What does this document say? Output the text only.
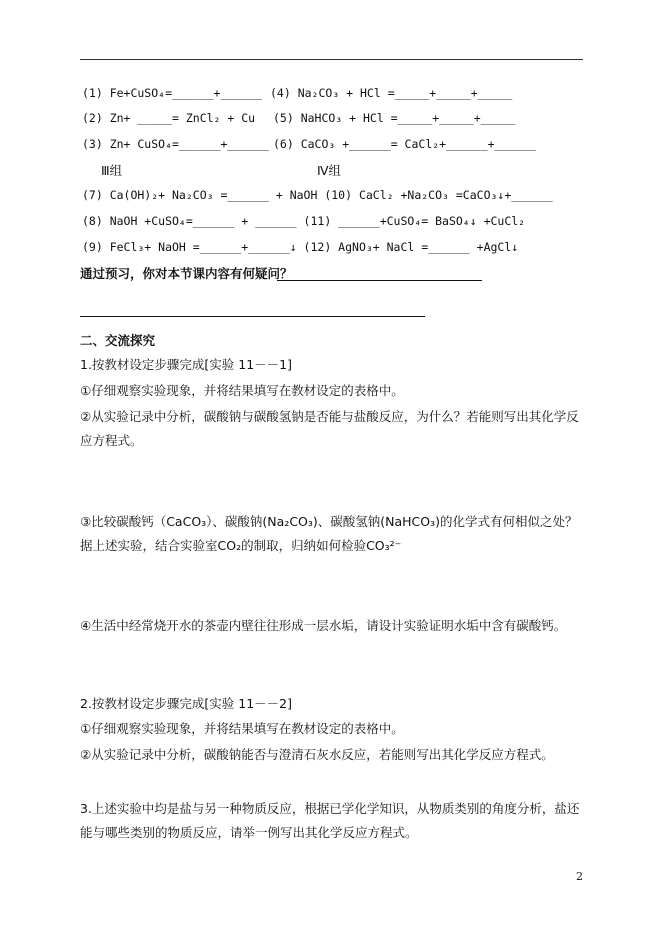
(1) Fe+CuSO₄=______+______ (4) Na₂CO₃ + HCl =_____+_____+_____
(2) Zn+ _____= ZnCl₂ + Cu (5) NaHCO₃ + HCl =_____+_____+_____
(3) Zn+ CuSO₄=______+______ (6) CaCO₃ +______= CaCl₂+______+______
Ⅲ组	Ⅳ组
(7) Ca(OH)₂+ Na₂CO₃ =______ + NaOH (10) CaCl₂ +Na₂CO₃ =CaCO₃↓+______
(8) NaOH +CuSO₄=______ + ______ (11) ______+CuSO₄= BaSO₄↓ +CuCl₂
(9) FeCl₃+ NaOH =______+______↓ (12) AgNO₃+ NaCl =______ +AgCl↓
通过预习，你对本节课内容有何疑问？
二、交流探究
1.按教材设定步骤完成[实验 11－－1]
①仔细观察实验现象，并将结果填写在教材设定的表格中。
②从实验记录中分析，碳酸钠与碳酸氢钠是否能与盐酸反应，为什么？若能则写出其化学反应方程式。
③比较碳酸钙（CaCO₃）、碳酸钠(Na₂CO₃)、碳酸氢钠(NaHCO₃)的化学式有何相似之处？据上述实验，结合实验室CO₂的制取，归纳如何检验CO₃²⁻
④生活中经常烧开水的茶壶内壁往往形成一层水垢，请设计实验证明水垢中含有碳酸钙。
2.按教材设定步骤完成[实验 11－－2]
①仔细观察实验现象，并将结果填写在教材设定的表格中。
②从实验记录中分析，碳酸钠能否与澄清石灰水反应，若能则写出其化学反应方程式。
3.上述实验中均是盐与另一种物质反应，根据已学化学知识，从物质类别的角度分析，盐还能与哪些类别的物质反应，请举一例写出其化学反应方程式。
2
